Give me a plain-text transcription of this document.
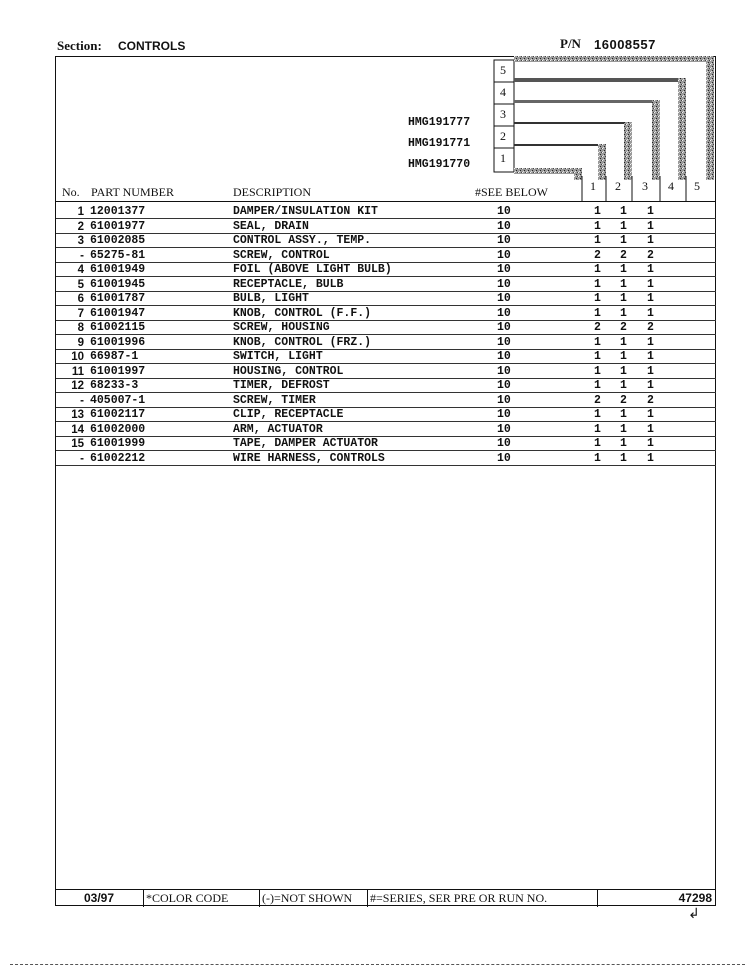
Section: CONTROLS	P/N 16008557
5
4
3
2
1
1 2 3 4 5
HMG191777
HMG191771
HMG191770
No. PART NUMBER	DESCRIPTION	#SEE BELOW
1 12001377	DAMPER/INSULATION KIT	10	1 1 1
2 61001977	SEAL, DRAIN	10	1 1 1
3 61002085	CONTROL ASSY., TEMP.	10	1 1 1
- 65275-81	SCREW, CONTROL	10	2 2 2
4 61001949	FOIL (ABOVE LIGHT BULB)	10	1 1 1
5 61001945	RECEPTACLE, BULB	10	1 1 1
6 61001787	BULB, LIGHT	10	1 1 1
7 61001947	KNOB, CONTROL (F.F.)	10	1 1 1
8 61002115	SCREW, HOUSING	10	2 2 2
9 61001996	KNOB, CONTROL (FRZ.)	10	1 1 1
10 66987-1	SWITCH, LIGHT	10	1 1 1
11 61001997	HOUSING, CONTROL	10	1 1 1
12 68233-3	TIMER, DEFROST	10	1 1 1
- 405007-1	SCREW, TIMER	10	2 2 2
13 61002117	CLIP, RECEPTACLE	10	1 1 1
14 61002000	ARM, ACTUATOR	10	1 1 1
15 61001999	TAPE, DAMPER ACTUATOR	10	1 1 1
- 61002212	WIRE HARNESS, CONTROLS	10	1 1 1
03/97	*COLOR CODE	(-)=NOT SHOWN	#=SERIES, SER PRE OR RUN NO.	47298
↲
